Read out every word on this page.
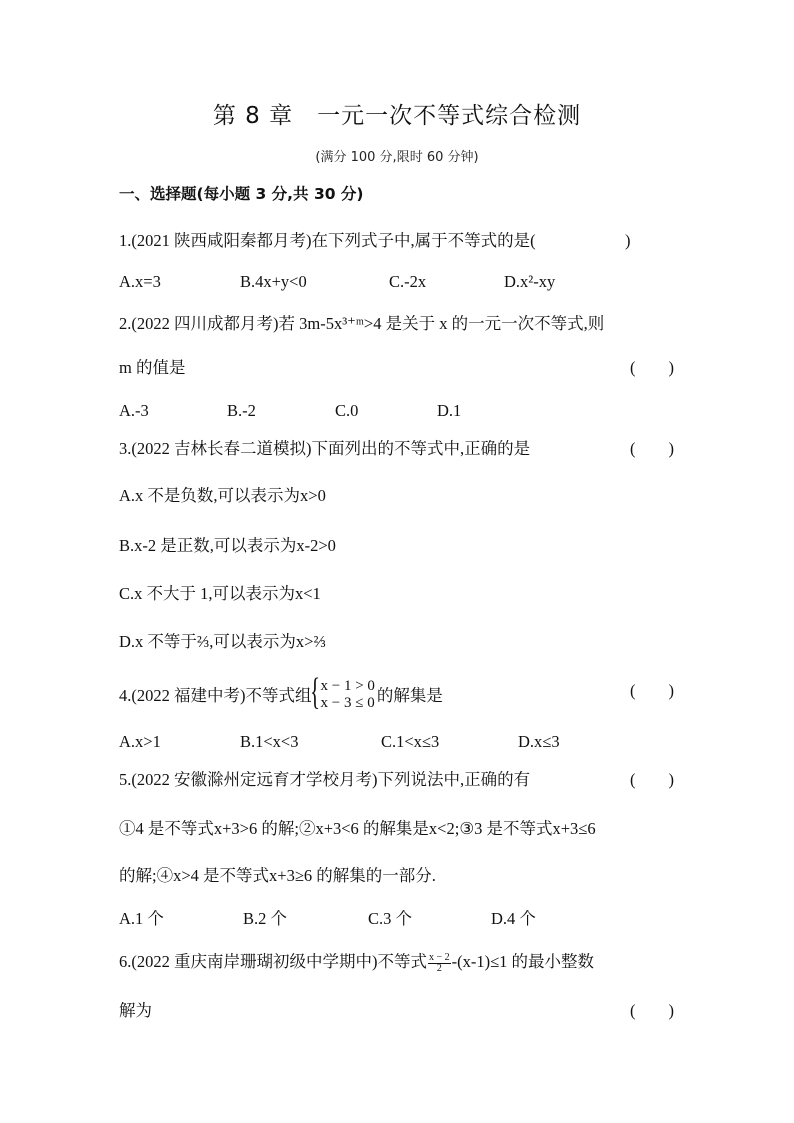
第 8 章　一元一次不等式综合检测
(满分 100 分,限时 60 分钟)
一、选择题(每小题 3 分,共 30 分)
1.(2021 陕西咸阳秦都月考)在下列式子中,属于不等式的是(	)
A.x=3	B.4x+y<0	C.-2x	D.x²-xy
2.(2022 四川成都月考)若 3m-5x³⁺ᵐ>4 是关于 x 的一元一次不等式,则
m 的值是	(　　)
A.-3	B.-2	C.0	D.1
3.(2022 吉林长春二道模拟)下面列出的不等式中,正确的是	(　　)
A.x 不是负数,可以表示为x>0
B.x-2 是正数,可以表示为x-2>0
C.x 不大于 1,可以表示为x<1
D.x 不等于⅔,可以表示为x>⅔
4.(2022 福建中考)不等式组
{ x − 1 > 0
x − 3 ≤ 0 的解集是	(　　)
A.x>1	B.1<x<3	C.1<x≤3	D.x≤3
5.(2022 安徽滁州定远育才学校月考)下列说法中,正确的有	(　　)
①4 是不等式x+3>6 的解;②x+3<6 的解集是x<2;③3 是不等式x+3≤6
的解;④x>4 是不等式x+3≥6 的解集的一部分.
A.1 个	B.2 个	C.3 个	D.4 个
6.(2022 重庆南岸珊瑚初级中学期中)不等式 $\frac{x - 2}{2} -(x-1)\le 1$ 的最小整数
解为	(　　)
